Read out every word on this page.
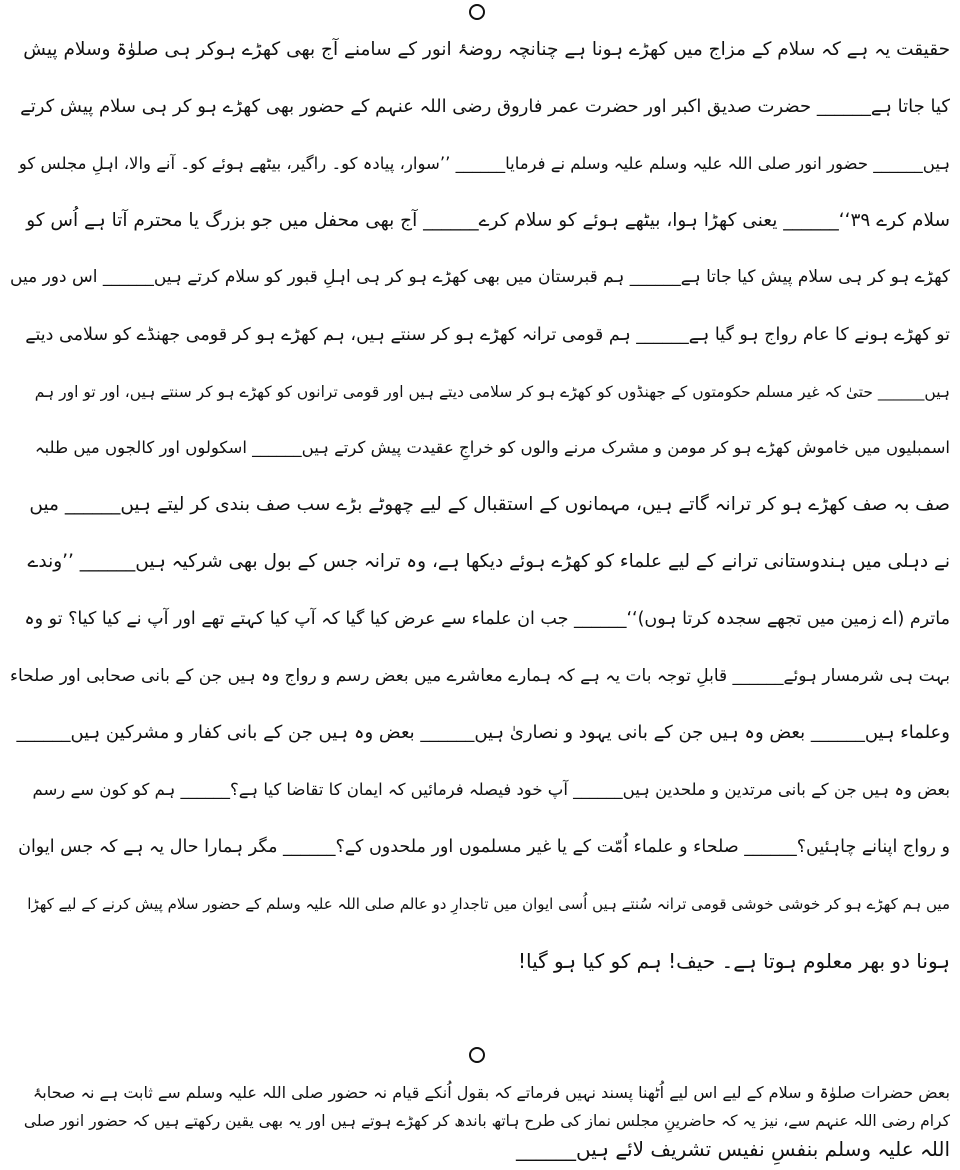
حقیقت یہ ہے کہ سلام کے مزاج میں کھڑے ہونا ہے چنانچہ روضۂ انور کے سامنے آج بھی کھڑے ہوکر ہی صلوٰۃ وسلام پیش
کیا جاتا ہے______ حضرت صدیق اکبر اور حضرت عمر فاروق رضی اللہ عنہم کے حضور بھی کھڑے ہو کر ہی سلام پیش کرتے
ہیں______ حضور انور صلی اللہ علیہ وسلم علیہ وسلم نے فرمایا______ ’’سوار، پیادہ کو۔ راگیر، بیٹھے ہوئے کو۔ آنے والا، اہلِ مجلس کو
سلام کرے ۳۹‘‘______ یعنی کھڑا ہوا، بیٹھے ہوئے کو سلام کرے______ آج بھی محفل میں جو بزرگ یا محترم آتا ہے اُس کو
کھڑے ہو کر ہی سلام پیش کیا جاتا ہے______ ہم قبرستان میں بھی کھڑے ہو کر ہی اہلِ قبور کو سلام کرتے ہیں______ اس دور میں
تو کھڑے ہونے کا عام رواج ہو گیا ہے______ ہم قومی ترانہ کھڑے ہو کر سنتے ہیں، ہم کھڑے ہو کر قومی جھنڈے کو سلامی دیتے
ہیں______ حتیٰ کہ غیر مسلم حکومتوں کے جھنڈوں کو کھڑے ہو کر سلامی دیتے ہیں اور قومی ترانوں کو کھڑے ہو کر سنتے ہیں، اور تو اور ہم
اسمبلیوں میں خاموش کھڑے ہو کر مومن و مشرک مرنے والوں کو خراجِ عقیدت پیش کرتے ہیں______ اسکولوں اور کالجوں میں طلبہ
صف بہ صف کھڑے ہو کر ترانہ گاتے ہیں، مہمانوں کے استقبال کے لیے چھوٹے بڑے سب صف بندی کر لیتے ہیں______ میں
نے دہلی میں ہندوستانی ترانے کے لیے علماء کو کھڑے ہوئے دیکھا ہے، وہ ترانہ جس کے بول بھی شرکیہ ہیں______ ’’وندے
ماترم (اے زمین میں تجھے سجدہ کرتا ہوں)‘‘______ جب ان علماء سے عرض کیا گیا کہ آپ کیا کہتے تھے اور آپ نے کیا کیا؟ تو وہ
بہت ہی شرمسار ہوئے______ قابلِ توجہ بات یہ ہے کہ ہمارے معاشرے میں بعض رسم و رواج وہ ہیں جن کے بانی صحابی اور صلحاء
وعلماء ہیں______ بعض وہ ہیں جن کے بانی یہود و نصاریٰ ہیں______ بعض وہ ہیں جن کے بانی کفار و مشرکین ہیں______
بعض وہ ہیں جن کے بانی مرتدین و ملحدین ہیں______ آپ خود فیصلہ فرمائیں کہ ایمان کا تقاضا کیا ہے؟______ ہم کو کون سے رسم
و رواج اپنانے چاہئیں؟______ صلحاء و علماء اُمّت کے یا غیر مسلموں اور ملحدوں کے؟______ مگر ہمارا حال یہ ہے کہ جس ایوان
میں ہم کھڑے ہو کر خوشی خوشی قومی ترانہ سُنتے ہیں اُسی ایوان میں تاجدارِ دو عالم صلی اللہ علیہ وسلم کے حضور سلام پیش کرنے کے لیے کھڑا
ہونا دو بھر معلوم ہوتا ہے۔ حیف! ہم کو کیا ہو گیا!
بعض حضرات صلوٰۃ و سلام کے لیے اس لیے اُٹھنا پسند نہیں فرماتے کہ بقول اُنکے قیام نہ حضور صلی اللہ علیہ وسلم سے ثابت ہے نہ صحابۂ
کرام رضی اللہ عنہم سے، نیز یہ کہ حاضرینِ مجلس نماز کی طرح ہاتھ باندھ کر کھڑے ہوتے ہیں اور یہ بھی یقین رکھتے ہیں کہ حضور انور صلی
اللہ علیہ وسلم بنفسِ نفیس تشریف لائے ہیں______
